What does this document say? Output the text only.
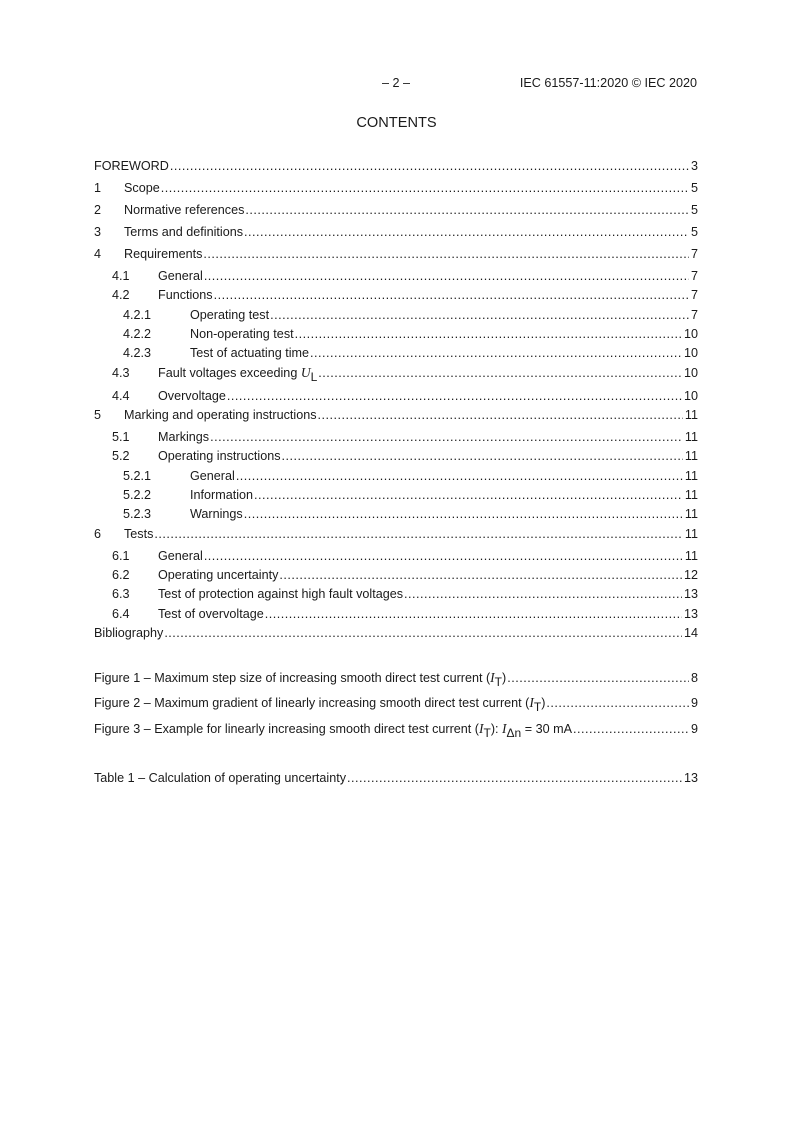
– 2 –	IEC 61557-11:2020 © IEC 2020
CONTENTS
FOREWORD .....	3
1	Scope .....	5
2	Normative references .....	5
3	Terms and definitions .....	5
4	Requirements .....	7
4.1	General .....	7
4.2	Functions .....	7
4.2.1	Operating test .....	7
4.2.2	Non-operating test .....	10
4.2.3	Test of actuating time .....	10
4.3	Fault voltages exceeding UL .....	10
4.4	Overvoltage .....	10
5	Marking and operating instructions .....	11
5.1	Markings .....	11
5.2	Operating instructions .....	11
5.2.1	General .....	11
5.2.2	Information .....	11
5.2.3	Warnings .....	11
6	Tests .....	11
6.1	General .....	11
6.2	Operating uncertainty .....	12
6.3	Test of protection against high fault voltages .....	13
6.4	Test of overvoltage .....	13
Bibliography .....	14
Figure 1 – Maximum step size of increasing smooth direct test current (IT) .....	8
Figure 2 – Maximum gradient of linearly increasing smooth direct test current (IT) .....	9
Figure 3 – Example for linearly increasing smooth direct test current (IT): IΔn = 30 mA .....	9
Table 1 – Calculation of operating uncertainty .....	13
